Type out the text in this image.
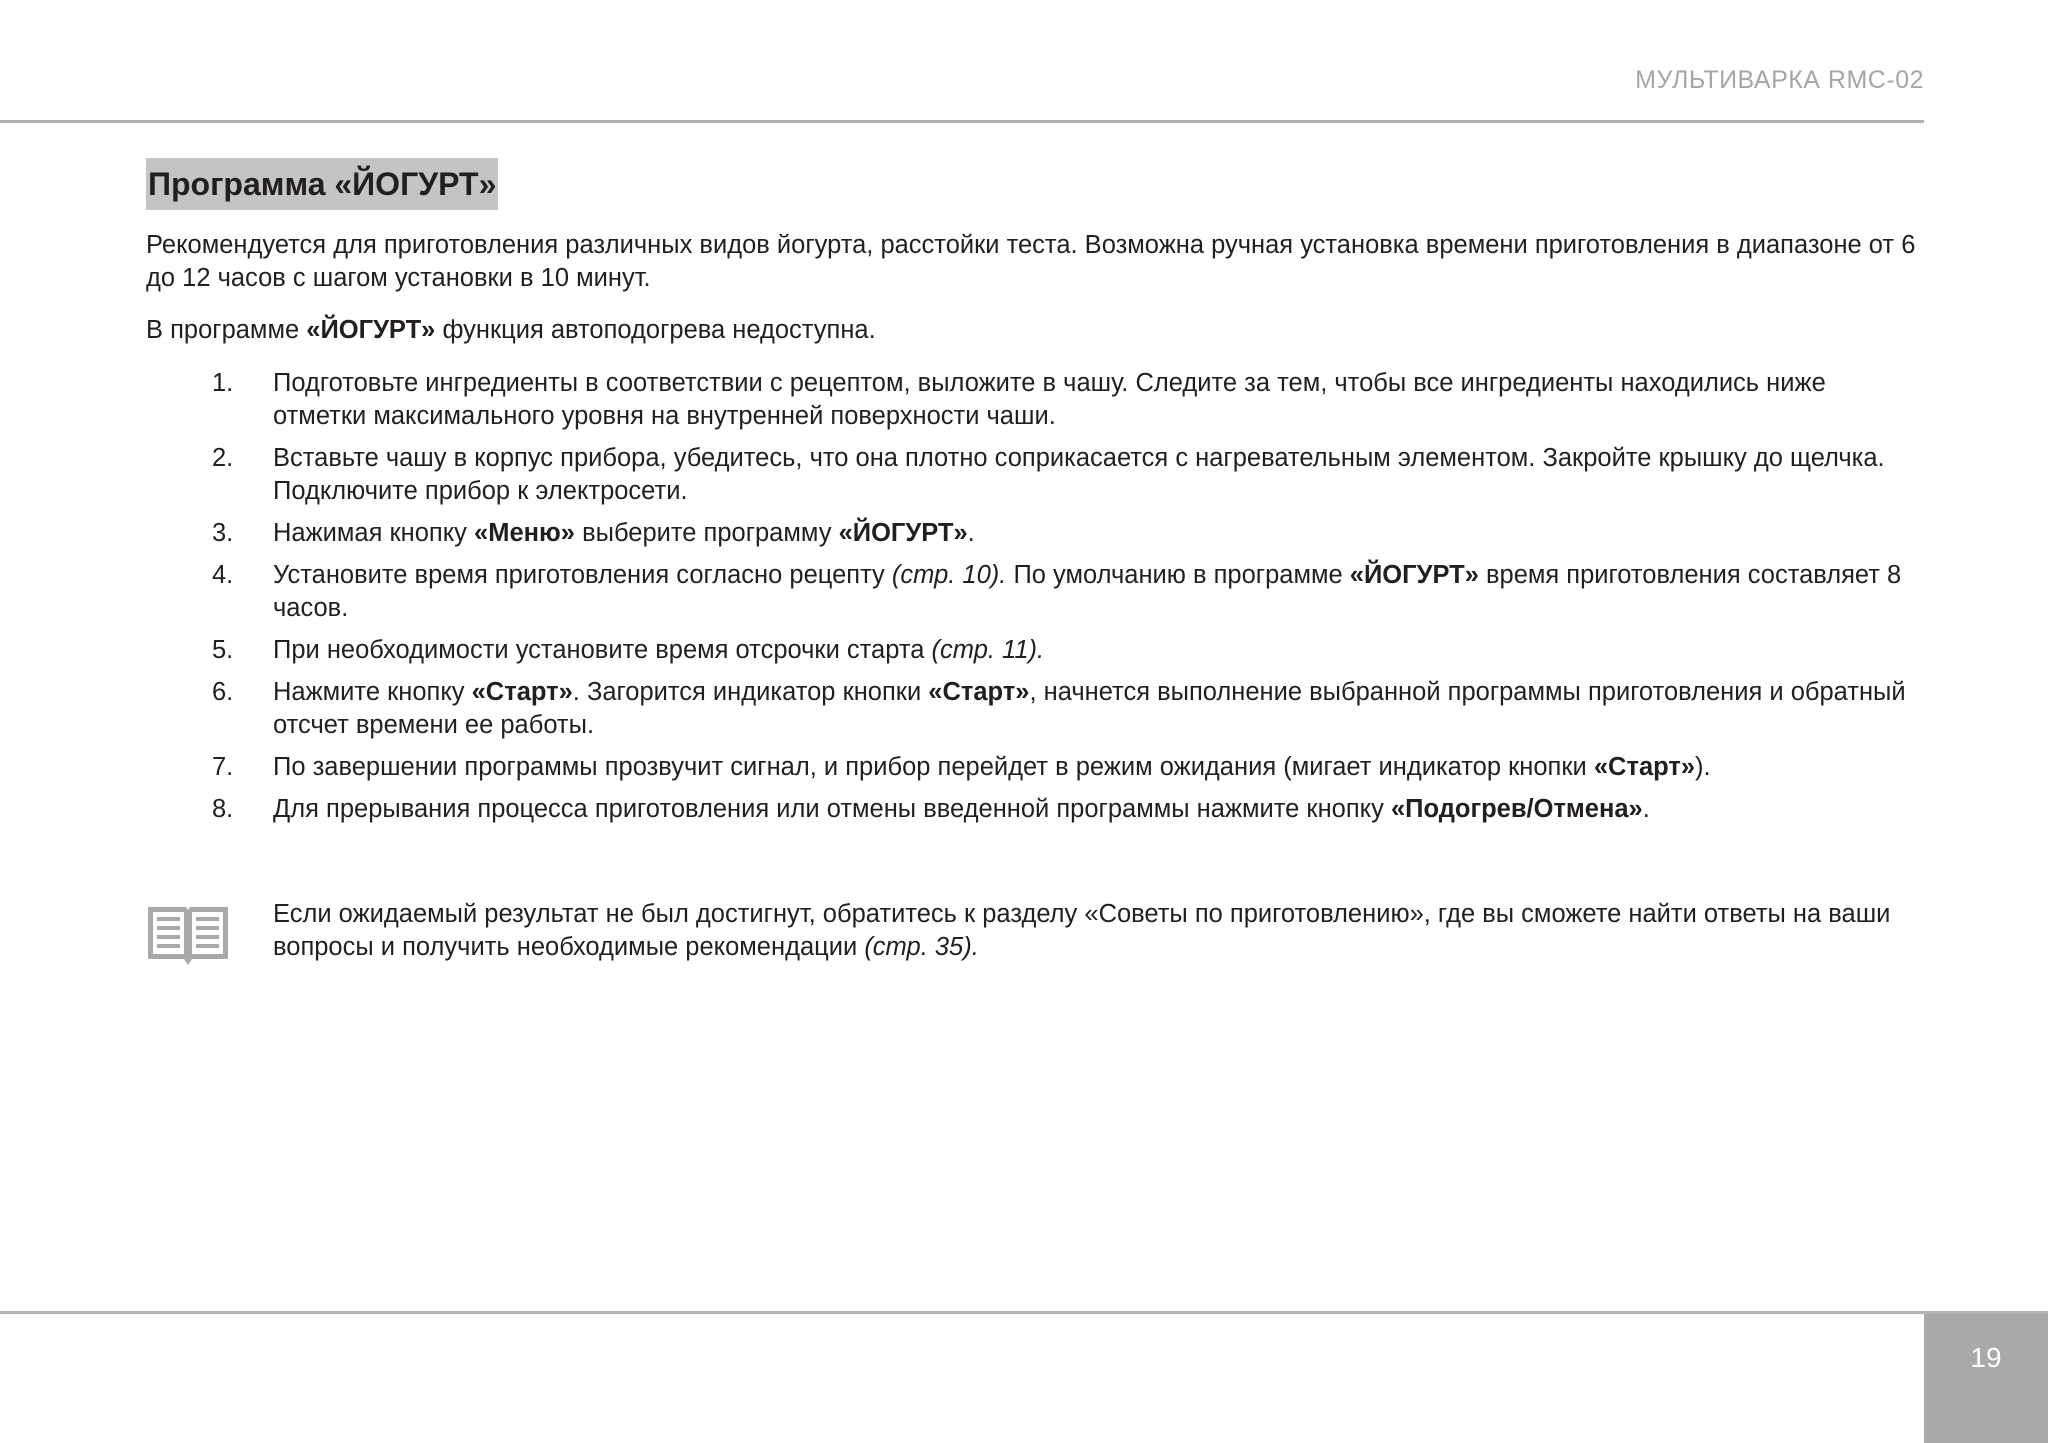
МУЛЬТИВАРКА RMC-02
Программа «ЙОГУРТ»

Рекомендуется для приготовления различных видов йогурта, расстойки теста. Возможна ручная установка времени приготовления в диапазоне от 6 до 12 часов с шагом установки в 10 минут.

В программе «ЙОГУРТ» функция автоподогрева недоступна.

1. Подготовьте ингредиенты в соответствии с рецептом, выложите в чашу. Следите за тем, чтобы все ингредиенты находились ниже отметки максимального уровня на внутренней поверхности чаши.
2. Вставьте чашу в корпус прибора, убедитесь, что она плотно соприкасается с нагревательным элементом. Закройте крышку до щелчка. Подключите прибор к электросети.
3. Нажимая кнопку «Меню» выберите программу «ЙОГУРТ».
4. Установите время приготовления согласно рецепту (стр. 10). По умолчанию в программе «ЙОГУРТ» время приготовления составляет 8 часов.
5. При необходимости установите время отсрочки старта (стр. 11).
6. Нажмите кнопку «Старт». Загорится индикатор кнопки «Старт», начнется выполнение выбранной программы приготовления и обратный отсчет времени ее работы.
7. По завершении программы прозвучит сигнал, и прибор перейдет в режим ожидания (мигает индикатор кнопки «Старт»).
8. Для прерывания процесса приготовления или отмены введенной программы нажмите кнопку «Подогрев/Отмена».

Если ожидаемый результат не был достигнут, обратитесь к разделу «Советы по приготовлению», где вы сможете найти ответы на ваши вопросы и получить необходимые рекомендации (стр. 35).

19
